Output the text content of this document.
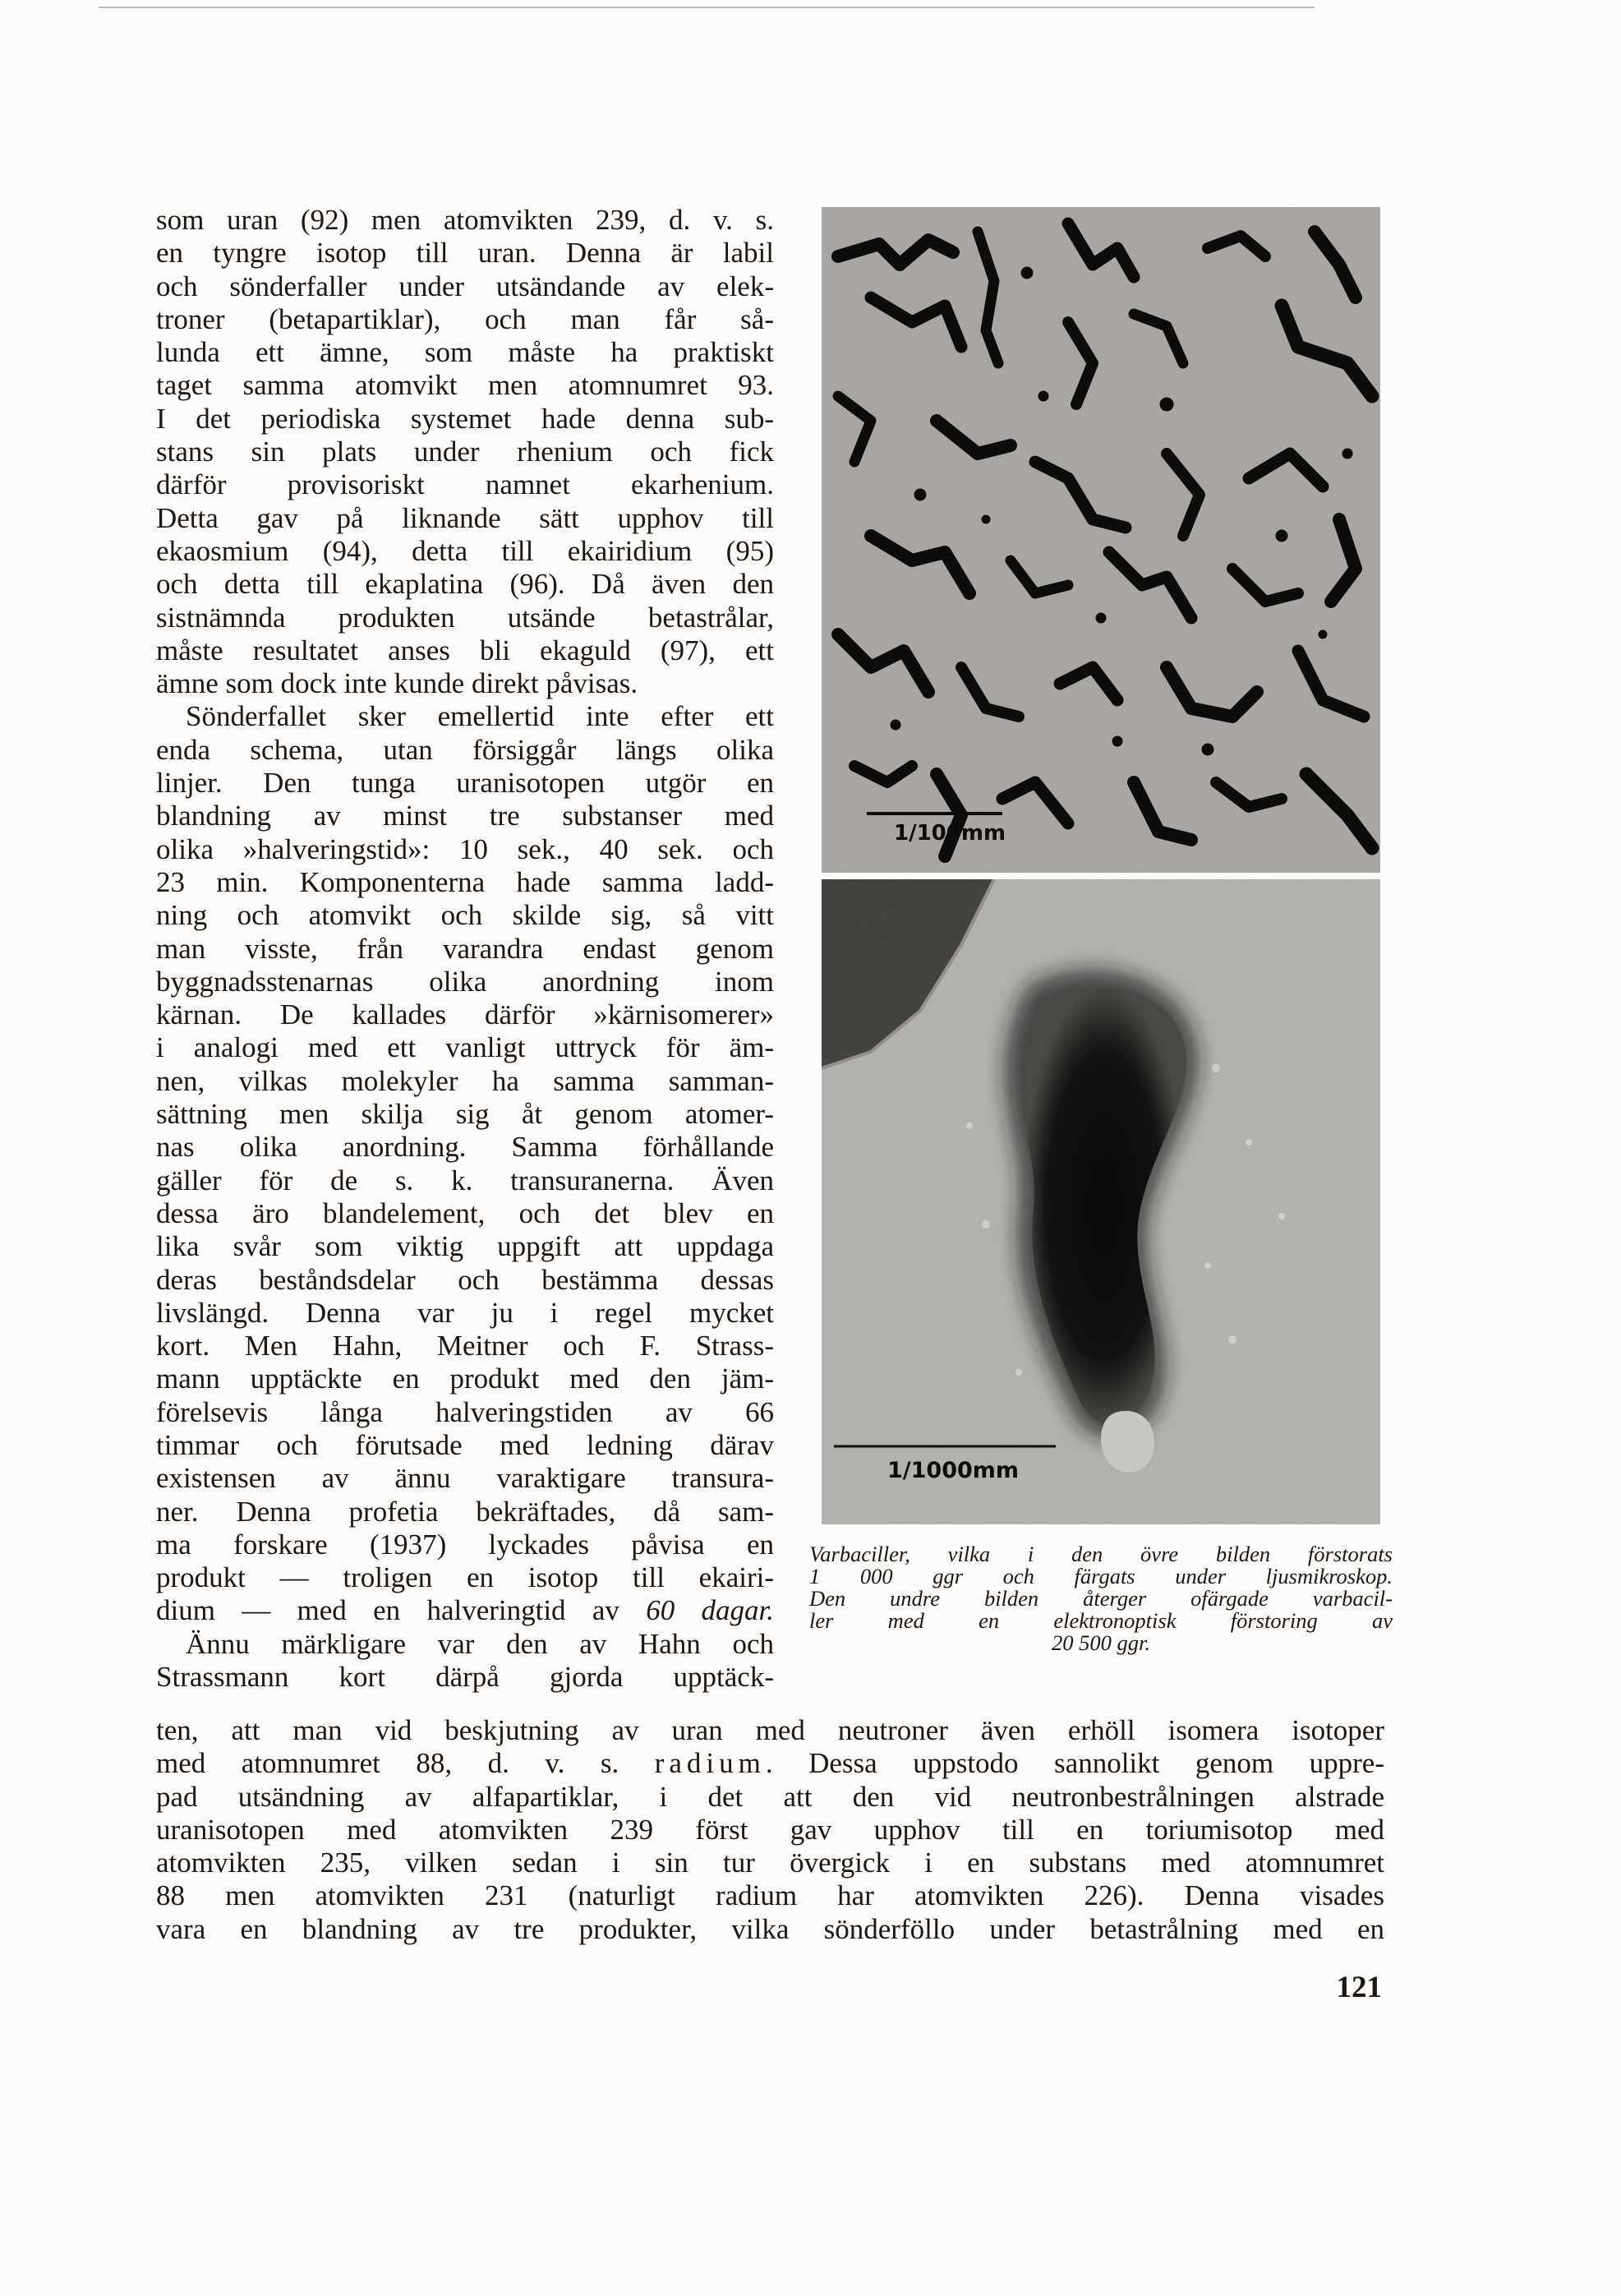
som uran (92) men atomvikten 239, d. v. s.
en tyngre isotop till uran. Denna är labil
och sönderfaller under utsändande av elek-
troner (betapartiklar), och man får så-
lunda ett ämne, som måste ha praktiskt
taget samma atomvikt men atomnumret 93.
I det periodiska systemet hade denna sub-
stans sin plats under rhenium och fick
därför provisoriskt namnet ekarhenium.
Detta gav på liknande sätt upphov till
ekaosmium (94), detta till ekairidium (95)
och detta till ekaplatina (96). Då även den
sistnämnda produkten utsände betastrålar,
måste resultatet anses bli ekaguld (97), ett
ämne som dock inte kunde direkt påvisas.

Sönderfallet sker emellertid inte efter ett
enda schema, utan försiggår längs olika
linjer. Den tunga uranisotopen utgör en
blandning av minst tre substanser med
olika »halveringstid»: 10 sek., 40 sek. och
23 min. Komponenterna hade samma ladd-
ning och atomvikt och skilde sig, så vitt
man visste, från varandra endast genom
byggnadsstenarnas olika anordning inom
kärnan. De kallades därför »kärnisomerer»
i analogi med ett vanligt uttryck för äm-
nen, vilkas molekyler ha samma samman-
sättning men skilja sig åt genom atomer-
nas olika anordning. Samma förhållande
gäller för de s. k. transuranerna. Även
dessa äro blandelement, och det blev en
lika svår som viktig uppgift att uppdaga
deras beståndsdelar och bestämma dessas
livslängd. Denna var ju i regel mycket
kort. Men Hahn, Meitner och F. Strass-
mann upptäckte en produkt med den jäm-
förelsevis långa halveringstiden av 66
timmar och förutsade med ledning därav
existensen av ännu varaktigare transura-
ner. Denna profetia bekräftades, då sam-
ma forskare (1937) lyckades påvisa en
produkt — troligen en isotop till ekairi-
dium — med en halveringtid av 60 dagar.

Ännu märkligare var den av Hahn och
Strassmann kort därpå gjorda upptäck-

ten, att man vid beskjutning av uran med neutroner även erhöll isomera isotoper
med atomnumret 88, d. v. s. radium. Dessa uppstodo sannolikt genom uppre-
pad utsändning av alfapartiklar, i det att den vid neutronbestrålningen alstrade
uranisotopen med atomvikten 239 först gav upphov till en toriumisotop med
atomvikten 235, vilken sedan i sin tur övergick i en substans med atomnumret
88 men atomvikten 231 (naturligt radium har atomvikten 226). Denna visades
vara en blandning av tre produkter, vilka sönderföllo under betastrålning med en
1/100mm
1/1000mm
Varbaciller, vilka i den övre bilden förstorats
1 000 ggr och färgats under ljusmikroskop.
Den undre bilden återger ofärgade varbacil-
ler med en elektronoptisk förstoring av
20 500 ggr.
121
